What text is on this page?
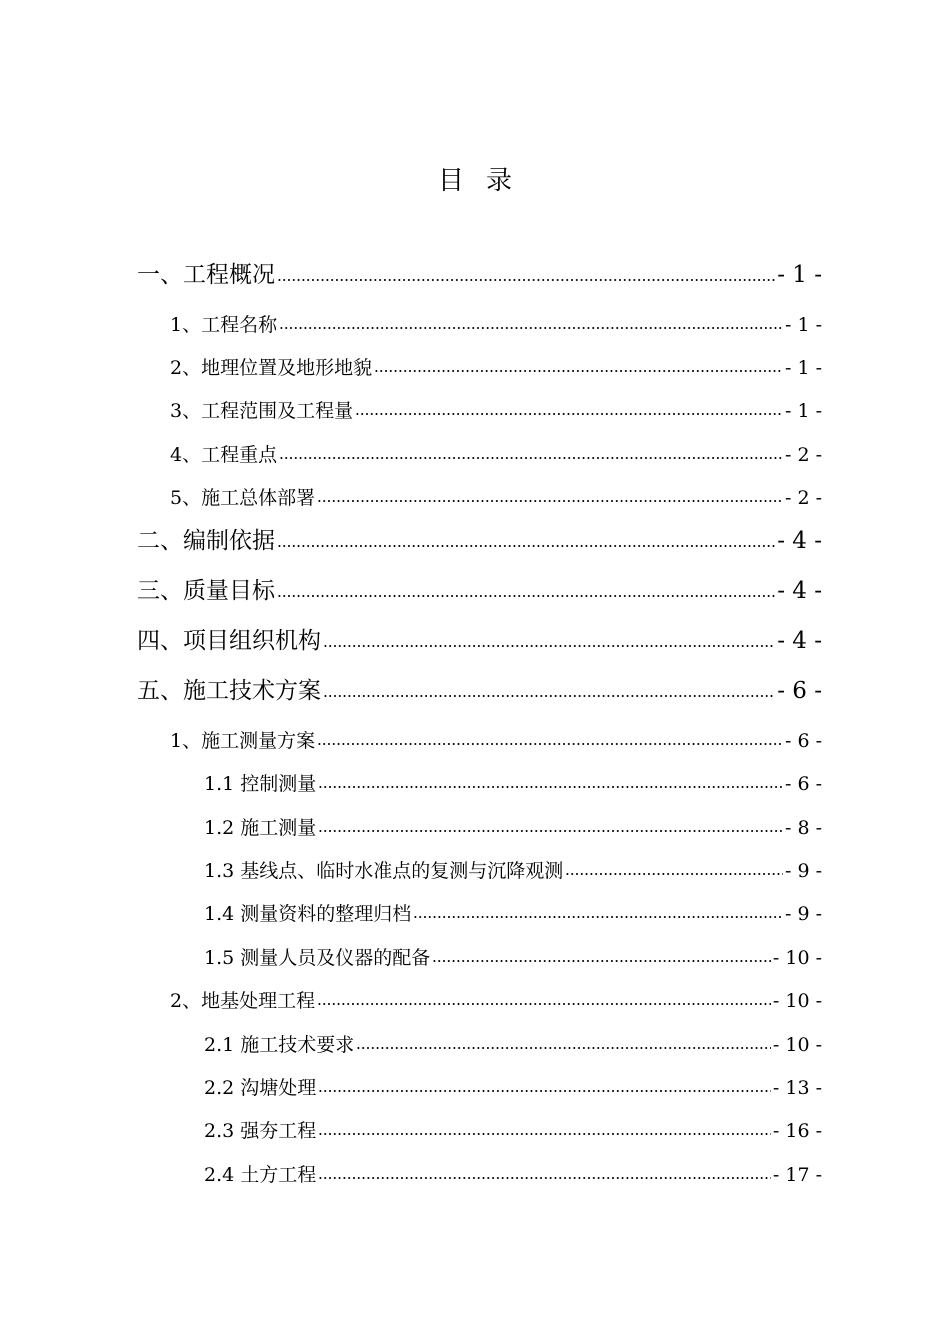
目 录
一、工程概况	- 1 -
1、工程名称	- 1 -
2、地理位置及地形地貌	- 1 -
3、工程范围及工程量	- 1 -
4、工程重点	- 2 -
5、施工总体部署	- 2 -
二、编制依据	- 4 -
三、质量目标	- 4 -
四、项目组织机构	- 4 -
五、施工技术方案	- 6 -
1、施工测量方案	- 6 -
1.1 控制测量	- 6 -
1.2 施工测量	- 8 -
1.3 基线点、临时水准点的复测与沉降观测	- 9 -
1.4 测量资料的整理归档	- 9 -
1.5 测量人员及仪器的配备	- 10 -
2、地基处理工程	- 10 -
2.1 施工技术要求	- 10 -
2.2 沟塘处理	- 13 -
2.3 强夯工程	- 16 -
2.4 土方工程	- 17 -
